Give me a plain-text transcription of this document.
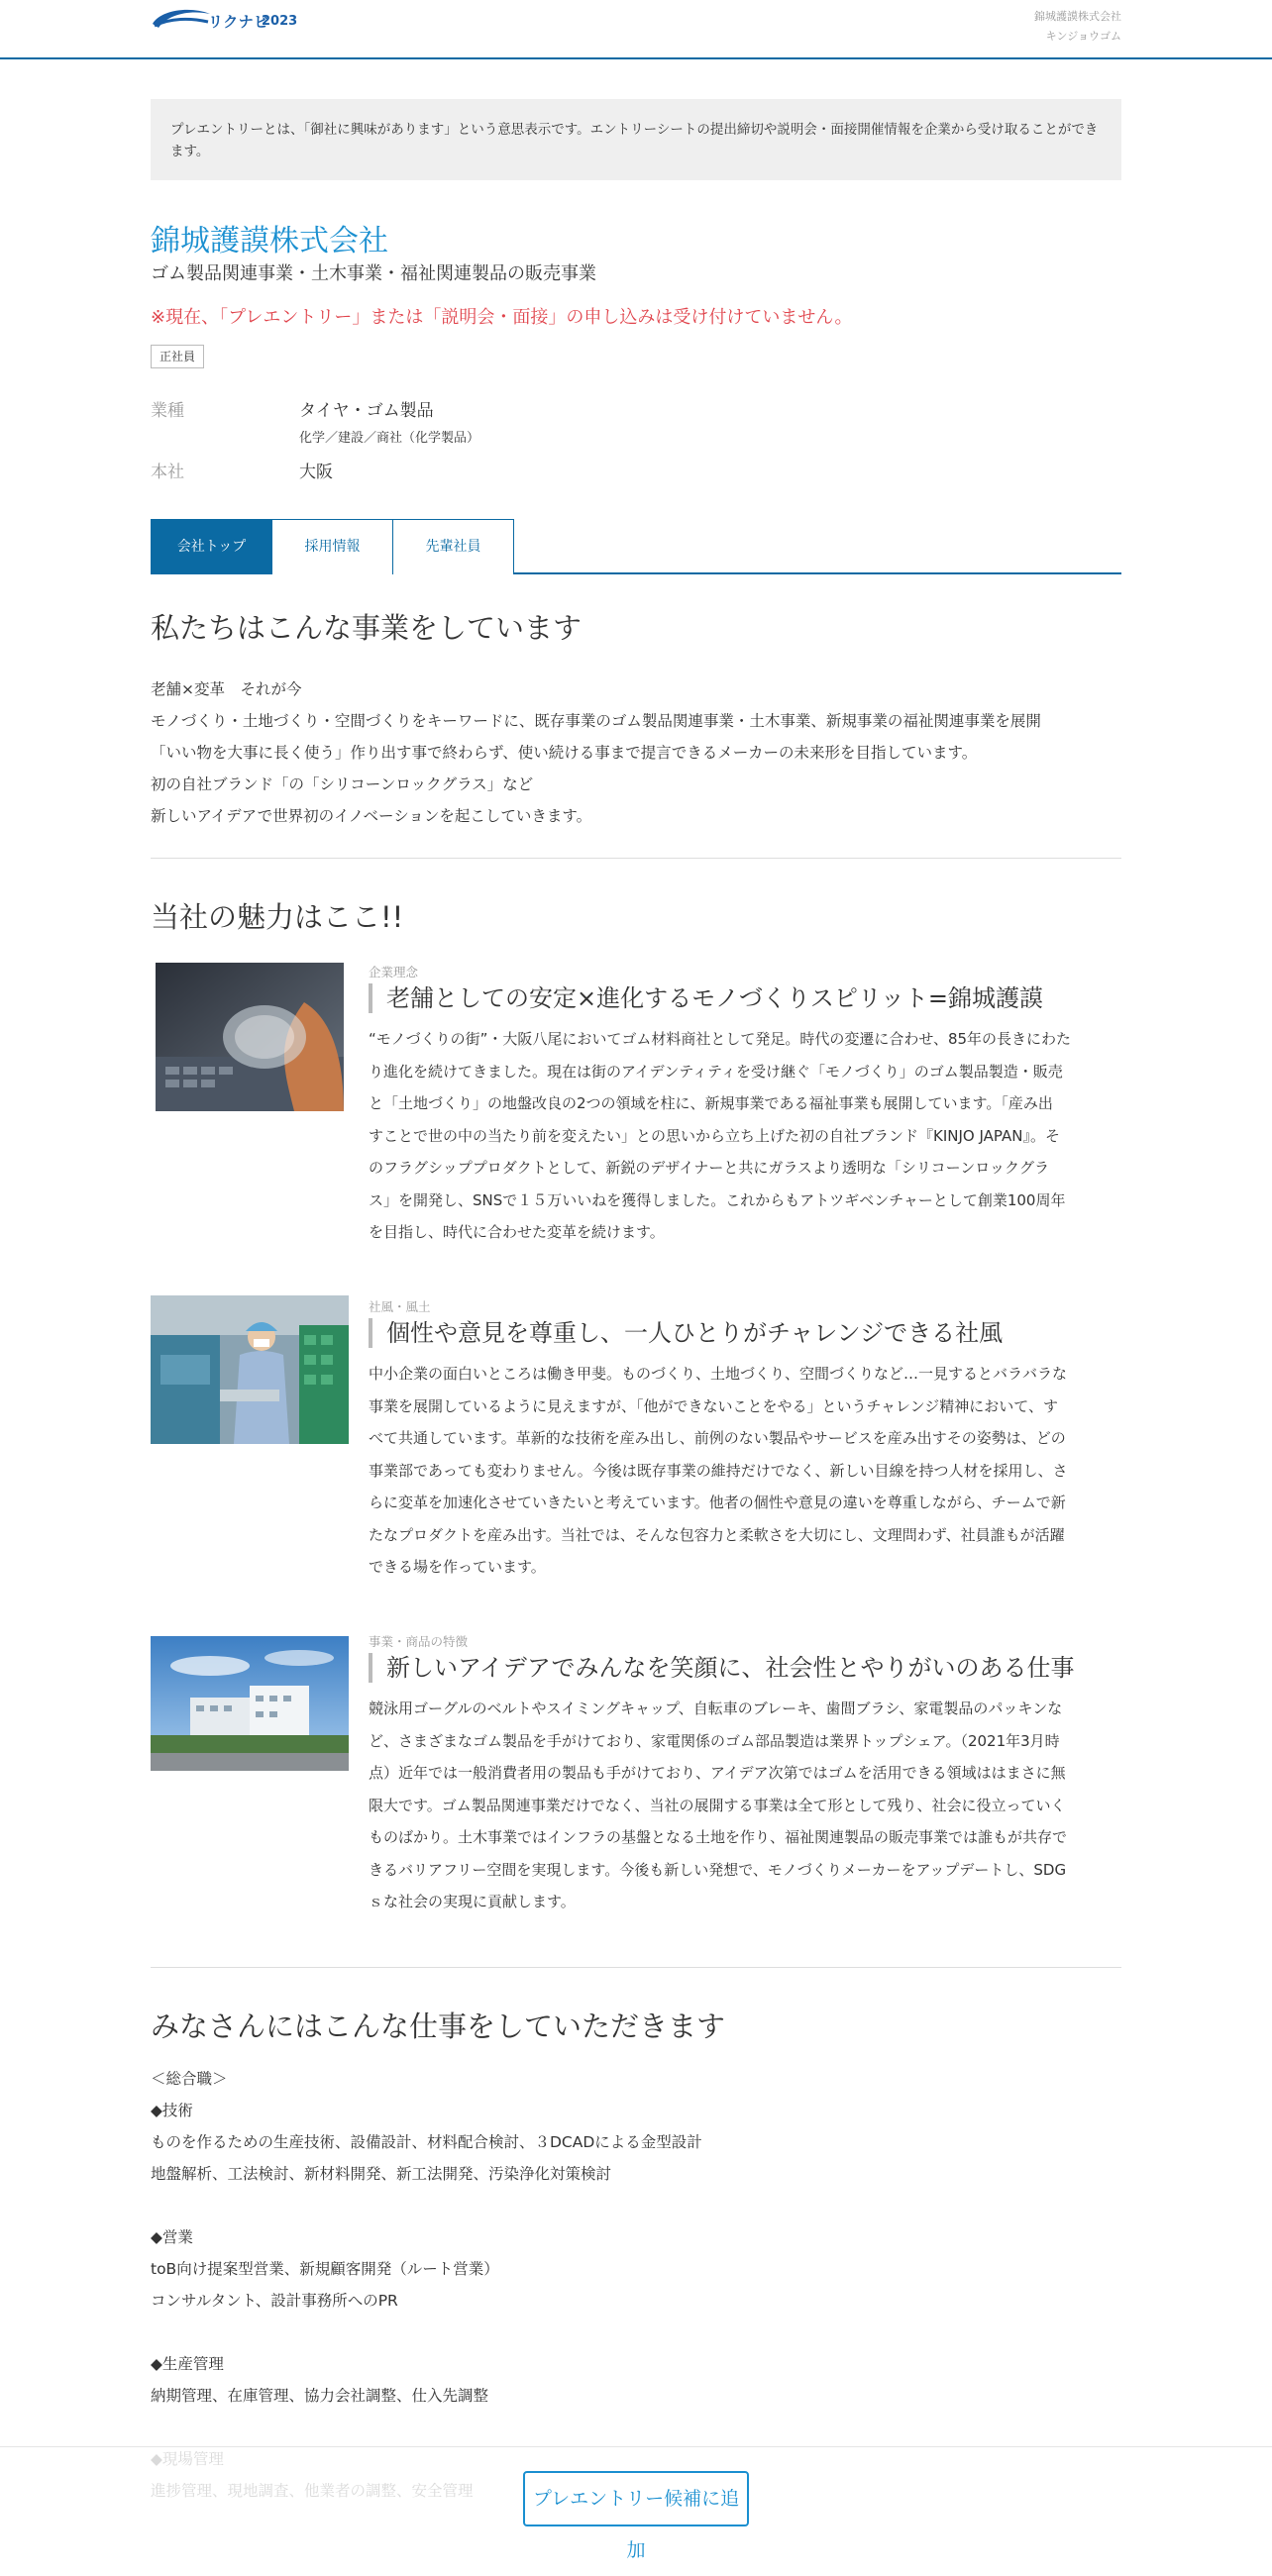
リクナビ
2023	錦城護謨株式会社
キンジョウゴム
プレエントリーとは、「御社に興味があります」という意思表示です。エントリーシートの提出締切や説明会・面接開催情報を企業から受け取ることができます。
錦城護謨株式会社
ゴム製品関連事業・土木事業・福祉関連製品の販売事業
※現在、「プレエントリー」または「説明会・面接」の申し込みは受け付けていません。
正社員
業種	タイヤ・ゴム製品
化学／建設／商社（化学製品）
本社	大阪
会社トップ	採用情報	先輩社員
私たちはこんな事業をしています
老舗×変革　それが今
モノづくり・土地づくり・空間づくりをキーワードに、既存事業のゴム製品関連事業・土木事業、新規事業の福祉関連事業を展開
「いい物を大事に長く使う」作り出す事で終わらず、使い続ける事まで提言できるメーカーの未来形を目指しています。
初の自社ブランド「の「シリコーンロックグラス」など
新しいアイデアで世界初のイノベーションを起こしていきます。
当社の魅力はここ!!
企業理念
老舗としての安定×進化するモノづくりスピリット=錦城護謨
“モノづくりの街”・大阪八尾においてゴム材料商社として発足。時代の変遷に合わせ、85年の長きにわた
り進化を続けてきました。現在は街のアイデンティティを受け継ぐ「モノづくり」のゴム製品製造・販売
と「土地づくり」の地盤改良の2つの領域を柱に、新規事業である福祉事業も展開しています。「産み出
すことで世の中の当たり前を変えたい」との思いから立ち上げた初の自社ブランド『KINJO JAPAN』。そ
のフラグシッププロダクトとして、新鋭のデザイナーと共にガラスより透明な「シリコーンロックグラ
ス」を開発し、SNSで１５万いいねを獲得しました。これからもアトツギベンチャーとして創業100周年
を目指し、時代に合わせた変革を続けます。
社風・風土
個性や意見を尊重し、一人ひとりがチャレンジできる社風
中小企業の面白いところは働き甲斐。ものづくり、土地づくり、空間づくりなど…一見するとバラバラな
事業を展開しているように見えますが、「他ができないことをやる」というチャレンジ精神において、す
べて共通しています。革新的な技術を産み出し、前例のない製品やサービスを産み出すその姿勢は、どの
事業部であっても変わりません。今後は既存事業の維持だけでなく、新しい目線を持つ人材を採用し、さ
らに変革を加速化させていきたいと考えています。他者の個性や意見の違いを尊重しながら、チームで新
たなプロダクトを産み出す。当社では、そんな包容力と柔軟さを大切にし、文理問わず、社員誰もが活躍
できる場を作っています。
事業・商品の特徴
新しいアイデアでみんなを笑顔に、社会性とやりがいのある仕事
競泳用ゴーグルのベルトやスイミングキャップ、自転車のブレーキ、歯間ブラシ、家電製品のパッキンな
ど、さまざまなゴム製品を手がけており、家電関係のゴム部品製造は業界トップシェア。（2021年3月時
点）近年では一般消費者用の製品も手がけており、アイデア次第ではゴムを活用できる領域ははまさに無
限大です。ゴム製品関連事業だけでなく、当社の展開する事業は全て形として残り、社会に役立っていく
ものばかり。土木事業ではインフラの基盤となる土地を作り、福祉関連製品の販売事業では誰もが共存で
きるバリアフリー空間を実現します。今後も新しい発想で、モノづくりメーカーをアップデートし、SDG
ｓな社会の実現に貢献します。
みなさんにはこんな仕事をしていただきます
＜総合職＞
◆技術
ものを作るための生産技術、設備設計、材料配合検討、３DCADによる金型設計
地盤解析、工法検討、新材料開発、新工法開発、汚染浄化対策検討
◆営業
toB向け提案型営業、新規顧客開発（ルート営業）
コンサルタント、設計事務所へのPR
◆生産管理
納期管理、在庫管理、協力会社調整、仕入先調整
プレエントリー候補に追加
